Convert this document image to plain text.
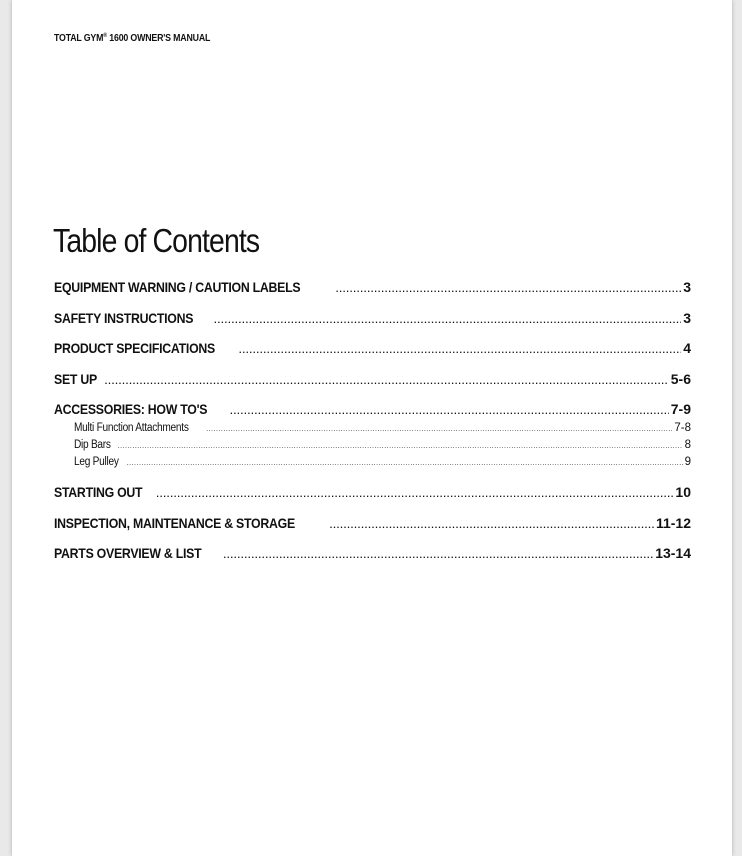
TOTAL GYM® 1600 OWNER'S MANUAL
Table of Contents
EQUIPMENT WARNING / CAUTION LABELS .....	3
SAFETY INSTRUCTIONS .....	3
PRODUCT SPECIFICATIONS .....	4
SET UP .....	5-6
ACCESSORIES: HOW TO'S .....	7-9
Multi Function Attachments .....	7-8
Dip Bars .....	8
Leg Pulley .....	9
STARTING OUT .....	10
INSPECTION, MAINTENANCE & STORAGE .....	11-12
PARTS OVERVIEW & LIST .....	13-14
